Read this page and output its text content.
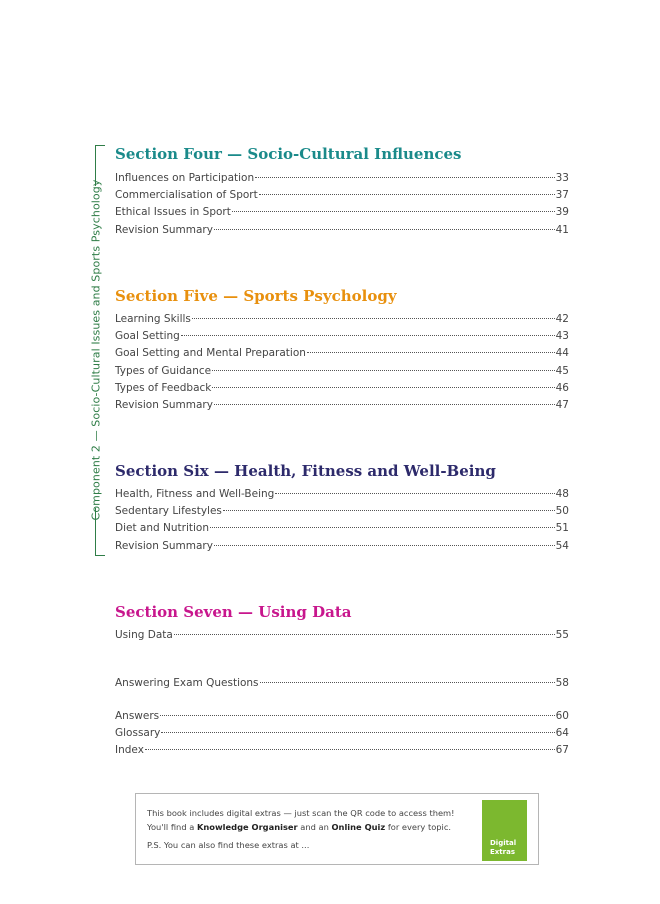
Component 2 — Socio-Cultural Issues and Sports Psychology
Section Four — Socio-Cultural Influences
Influences on Participation	33
Commercialisation of Sport	37
Ethical Issues in Sport	39
Revision Summary	41
Section Five — Sports Psychology
Learning Skills	42
Goal Setting	43
Goal Setting and Mental Preparation	44
Types of Guidance	45
Types of Feedback	46
Revision Summary	47
Section Six — Health, Fitness and Well-Being
Health, Fitness and Well-Being	48
Sedentary Lifestyles	50
Diet and Nutrition	51
Revision Summary	54
Section Seven — Using Data
Using Data	55
Answering Exam Questions	58
Answers	60
Glossary	64
Index	67
This book includes digital extras — just scan the QR code to access them!
You'll find a Knowledge Organiser and an Online Quiz for every topic.
P.S. You can also find these extras at ...	Digital
Extras
